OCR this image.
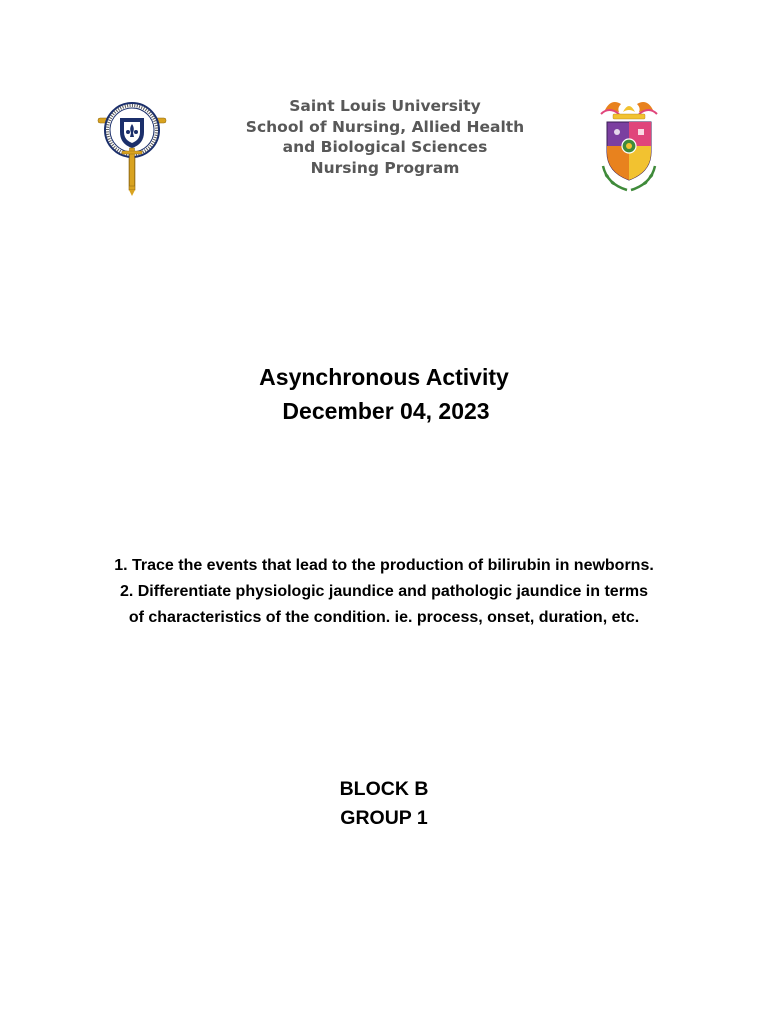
Saint Louis University
School of Nursing, Allied Health
and Biological Sciences
Nursing Program
Asynchronous Activity
December 04, 2023
1. Trace the events that lead to the production of bilirubin in newborns.
2. Differentiate physiologic jaundice and pathologic jaundice in terms
of characteristics of the condition. ie. process, onset, duration, etc.
BLOCK B
GROUP 1
